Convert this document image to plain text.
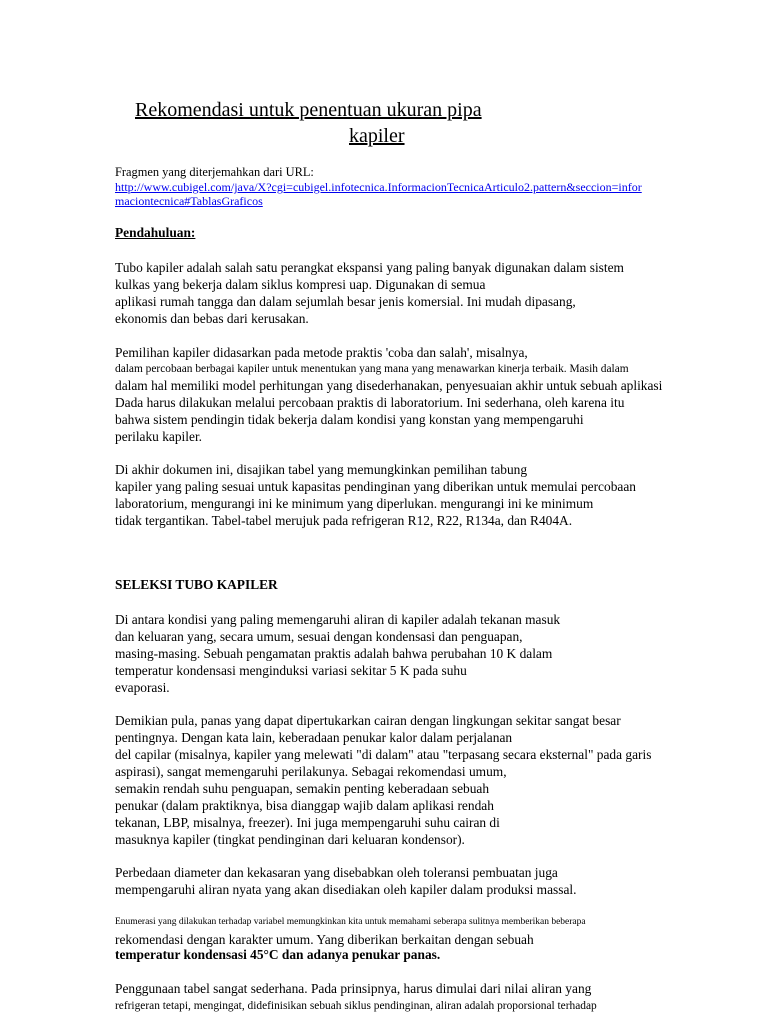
Rekomendasi untuk penentuan ukuran pipa
kapiler

Fragmen yang diterjemahkan dari URL:

http://www.cubigel.com/java/X?cgi=cubigel.infotecnica.InformacionTecnicaArticulo2.pattern&seccion=infor
maciontecnica#TablasGraficos

Pendahuluan:

Tubo kapiler adalah salah satu perangkat ekspansi yang paling banyak digunakan dalam sistem

kulkas yang bekerja dalam siklus kompresi uap. Digunakan di semua

aplikasi rumah tangga dan dalam sejumlah besar jenis komersial. Ini mudah dipasang,

ekonomis dan bebas dari kerusakan.

Pemilihan kapiler didasarkan pada metode praktis 'coba dan salah', misalnya,

dalam percobaan berbagai kapiler untuk menentukan yang mana yang menawarkan kinerja terbaik. Masih dalam

dalam hal memiliki model perhitungan yang disederhanakan, penyesuaian akhir untuk sebuah aplikasi

Dada harus dilakukan melalui percobaan praktis di laboratorium. Ini sederhana, oleh karena itu

bahwa sistem pendingin tidak bekerja dalam kondisi yang konstan yang mempengaruhi

perilaku kapiler.

Di akhir dokumen ini, disajikan tabel yang memungkinkan pemilihan tabung

kapiler yang paling sesuai untuk kapasitas pendinginan yang diberikan untuk memulai percobaan

laboratorium, mengurangi ini ke minimum yang diperlukan. mengurangi ini ke minimum

tidak tergantikan. Tabel-tabel merujuk pada refrigeran R12, R22, R134a, dan R404A.

SELEKSI TUBO KAPILER

Di antara kondisi yang paling memengaruhi aliran di kapiler adalah tekanan masuk

dan keluaran yang, secara umum, sesuai dengan kondensasi dan penguapan,

masing-masing. Sebuah pengamatan praktis adalah bahwa perubahan 10 K dalam

temperatur kondensasi menginduksi variasi sekitar 5 K pada suhu

evaporasi.

Demikian pula, panas yang dapat dipertukarkan cairan dengan lingkungan sekitar sangat besar

pentingnya. Dengan kata lain, keberadaan penukar kalor dalam perjalanan

del capilar (misalnya, kapiler yang melewati "di dalam" atau "terpasang secara eksternal" pada garis

aspirasi), sangat memengaruhi perilakunya. Sebagai rekomendasi umum,

semakin rendah suhu penguapan, semakin penting keberadaan sebuah

penukar (dalam praktiknya, bisa dianggap wajib dalam aplikasi rendah

tekanan, LBP, misalnya, freezer). Ini juga mempengaruhi suhu cairan di

masuknya kapiler (tingkat pendinginan dari keluaran kondensor).

Perbedaan diameter dan kekasaran yang disebabkan oleh toleransi pembuatan juga

mempengaruhi aliran nyata yang akan disediakan oleh kapiler dalam produksi massal.

Enumerasi yang dilakukan terhadap variabel memungkinkan kita untuk memahami seberapa sulitnya memberikan beberapa

rekomendasi dengan karakter umum. Yang diberikan berkaitan dengan sebuah

temperatur kondensasi 45°C dan adanya penukar panas.

Penggunaan tabel sangat sederhana. Pada prinsipnya, harus dimulai dari nilai aliran yang

refrigeran tetapi, mengingat, didefinisikan sebuah siklus pendinginan, aliran adalah proporsional terhadap
